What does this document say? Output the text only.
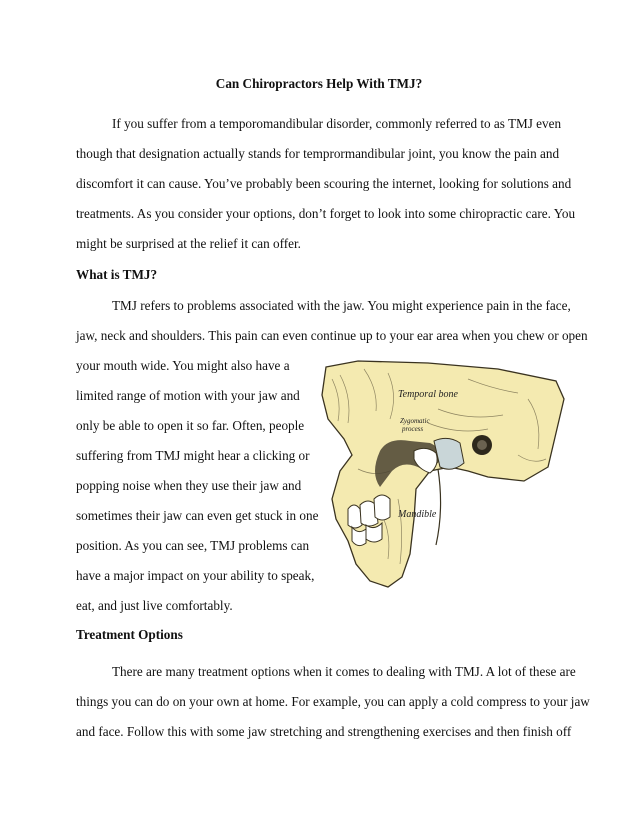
Can Chiropractors Help With TMJ?
If you suffer from a temporomandibular disorder, commonly referred to as TMJ even
though that designation actually stands for temprormandibular joint, you know the pain and
discomfort it can cause. You’ve probably been scouring the internet, looking for solutions and
treatments. As you consider your options, don’t forget to look into some chiropractic care. You
might be surprised at the relief it can offer.
What is TMJ?
TMJ refers to problems associated with the jaw. You might experience pain in the face,
jaw, neck and shoulders. This pain can even continue up to your ear area when you chew or open
your mouth wide. You might also have a
limited range of motion with your jaw and
only be able to open it so far. Often, people
suffering from TMJ might hear a clicking or
popping noise when they use their jaw and
sometimes their jaw can even get stuck in one
position. As you can see, TMJ problems can
have a major impact on your ability to speak,
eat, and just live comfortably.
Temporal bone
Zygomatic
process
Mandible
Treatment Options
There are many treatment options when it comes to dealing with TMJ. A lot of these are
things you can do on your own at home. For example, you can apply a cold compress to your jaw
and face. Follow this with some jaw stretching and strengthening exercises and then finish off
